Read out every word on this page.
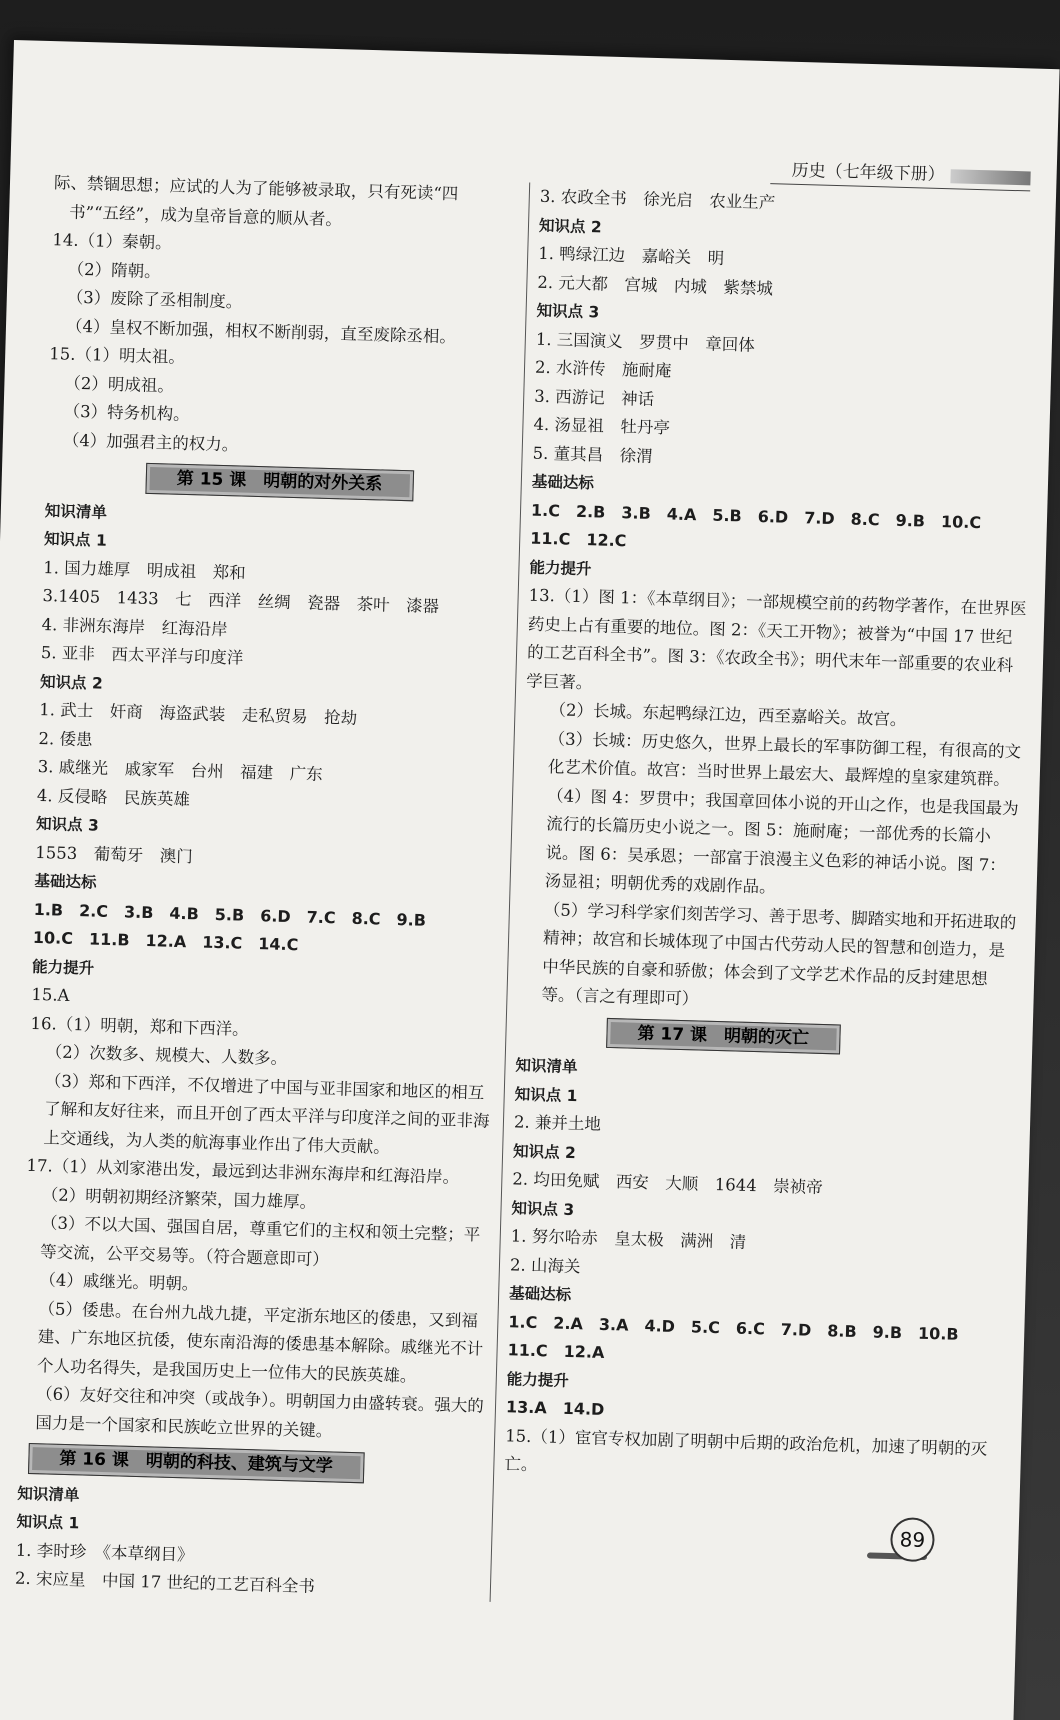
历史（七年级下册）
际、禁锢思想；应试的人为了能够被录取，只有死读“四
书”“五经”，成为皇帝旨意的顺从者。
14.（1）秦朝。
（2）隋朝。
（3）废除了丞相制度。
（4）皇权不断加强，相权不断削弱，直至废除丞相。
15.（1）明太祖。
（2）明成祖。
（3）特务机构。
（4）加强君主的权力。
第 15 课　明朝的对外关系
知识清单
知识点 1
1. 国力雄厚　明成祖　郑和
3.1405　1433　七　西洋　丝绸　瓷器　茶叶　漆器
4. 非洲东海岸　红海沿岸
5. 亚非　西太平洋与印度洋
知识点 2
1. 武士　奸商　海盗武装　走私贸易　抢劫
2. 倭患
3. 戚继光　戚家军　台州　福建　广东
4. 反侵略　民族英雄
知识点 3
1553　葡萄牙　澳门
基础达标
1.B　2.C　3.B　4.B　5.B　6.D　7.C　8.C　9.B
10.C　11.B　12.A　13.C　14.C
能力提升
15.A
16.（1）明朝，郑和下西洋。
（2）次数多、规模大、人数多。
（3）郑和下西洋，不仅增进了中国与亚非国家和地区的相互了解和友好往来，而且开创了西太平洋与印度洋之间的亚非海上交通线，为人类的航海事业作出了伟大贡献。
17.（1）从刘家港出发，最远到达非洲东海岸和红海沿岸。
（2）明朝初期经济繁荣，国力雄厚。
（3）不以大国、强国自居，尊重它们的主权和领土完整；平等交流，公平交易等。（符合题意即可）
（4）戚继光。明朝。
（5）倭患。在台州九战九捷，平定浙东地区的倭患，又到福建、广东地区抗倭，使东南沿海的倭患基本解除。戚继光不计个人功名得失，是我国历史上一位伟大的民族英雄。
（6）友好交往和冲突（或战争）。明朝国力由盛转衰。强大的国力是一个国家和民族屹立世界的关键。
第 16 课　明朝的科技、建筑与文学
知识清单
知识点 1
1. 李时珍　《本草纲目》
2. 宋应星　中国 17 世纪的工艺百科全书
3. 农政全书　徐光启　农业生产
知识点 2
1. 鸭绿江边　嘉峪关　明
2. 元大都　宫城　内城　紫禁城
知识点 3
1. 三国演义　罗贯中　章回体
2. 水浒传　施耐庵
3. 西游记　神话
4. 汤显祖　牡丹亭
5. 董其昌　徐渭
基础达标
1.C　2.B　3.B　4.A　5.B　6.D　7.D　8.C　9.B　10.C
11.C　12.C
能力提升
13.（1）图 1：《本草纲目》；一部规模空前的药物学著作，在世界医药史上占有重要的地位。图 2：《天工开物》；被誉为“中国 17 世纪的工艺百科全书”。图 3：《农政全书》；明代末年一部重要的农业科学巨著。
（2）长城。东起鸭绿江边，西至嘉峪关。故宫。
（3）长城：历史悠久，世界上最长的军事防御工程，有很高的文化艺术价值。故宫：当时世界上最宏大、最辉煌的皇家建筑群。
（4）图 4：罗贯中；我国章回体小说的开山之作，也是我国最为流行的长篇历史小说之一。图 5：施耐庵；一部优秀的长篇小说。图 6：吴承恩；一部富于浪漫主义色彩的神话小说。图 7：汤显祖；明朝优秀的戏剧作品。
（5）学习科学家们刻苦学习、善于思考、脚踏实地和开拓进取的精神；故宫和长城体现了中国古代劳动人民的智慧和创造力，是中华民族的自豪和骄傲；体会到了文学艺术作品的反封建思想等。（言之有理即可）
第 17 课　明朝的灭亡
知识清单
知识点 1
2. 兼并土地
知识点 2
2. 均田免赋　西安　大顺　1644　崇祯帝
知识点 3
1. 努尔哈赤　皇太极　满洲　清
2. 山海关
基础达标
1.C　2.A　3.A　4.D　5.C　6.C　7.D　8.B　9.B　10.B
11.C　12.A
能力提升
13.A　14.D
15.（1）宦官专权加剧了明朝中后期的政治危机，加速了明朝的灭亡。
89
